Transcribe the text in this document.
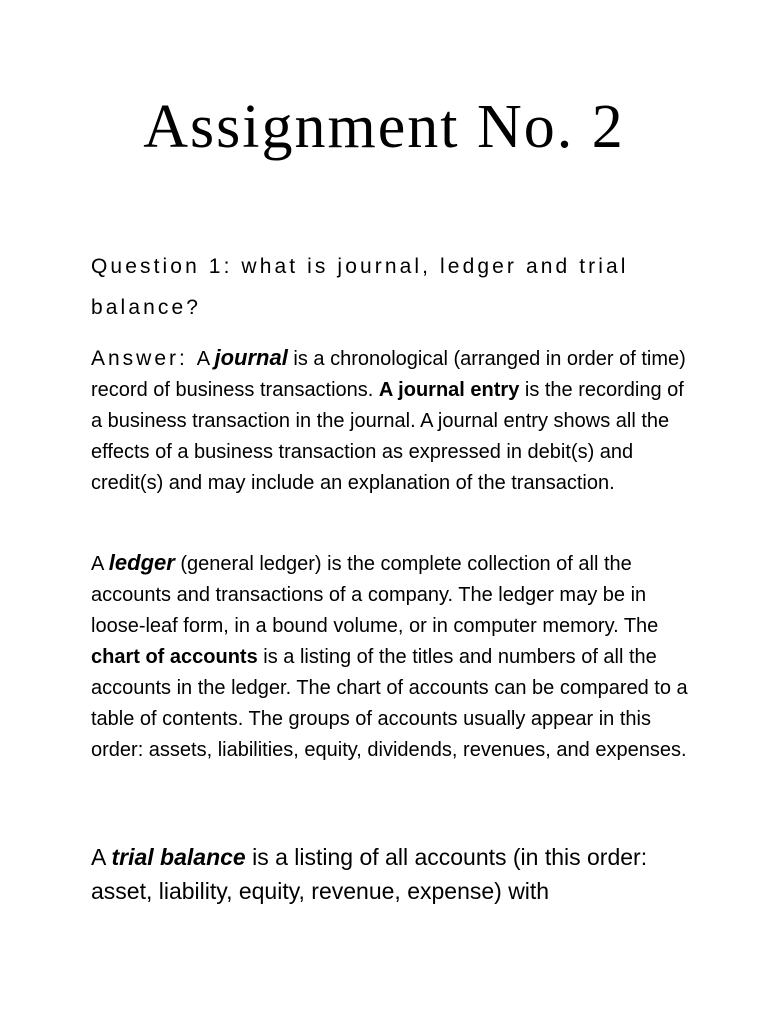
Assignment No. 2

Question 1: what is journal, ledger and trial balance?

Answer: A journal is a chronological (arranged in order of time) record of business transactions. A journal entry is the recording of a business transaction in the journal. A journal entry shows all the effects of a business transaction as expressed in debit(s) and credit(s) and may include an explanation of the transaction.

A ledger (general ledger) is the complete collection of all the accounts and transactions of a company. The ledger may be in loose-leaf form, in a bound volume, or in computer memory. The chart of accounts is a listing of the titles and numbers of all the accounts in the ledger. The chart of accounts can be compared to a table of contents. The groups of accounts usually appear in this order: assets, liabilities, equity, dividends, revenues, and expenses.

A trial balance is a listing of all accounts (in this order: asset, liability, equity, revenue, expense) with
